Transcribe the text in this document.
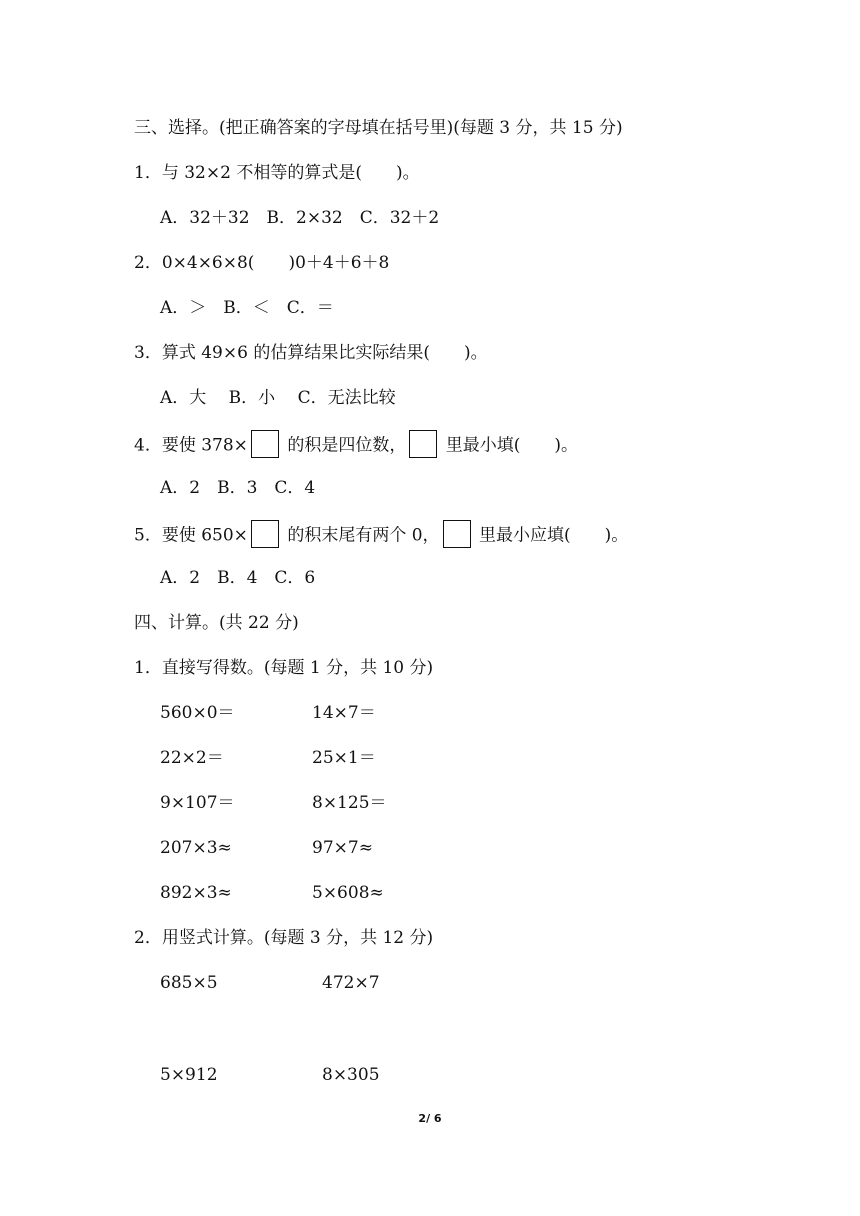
三、选择。(把正确答案的字母填在括号里)(每题 3 分，共 15 分)
1．与 32×2 不相等的算式是(　　)。
A．32＋32　B．2×32　C．32＋2
2．0×4×6×8(　　)0＋4＋6＋8
A．＞　B．＜　C．＝
3．算式 49×6 的估算结果比实际结果(　　)。
A．大　 B．小　 C．无法比较
4．要使 378× 的积是四位数， 里最小填(　　)。
A．2　B．3　C．4
5．要使 650× 的积末尾有两个 0， 里最小应填(　　)。
A．2　B．4　C．6
四、计算。(共 22 分)
1．直接写得数。(每题 1 分，共 10 分)
560×0＝	14×7＝
22×2＝	25×1＝
9×107＝	8×125＝
207×3≈	97×7≈
892×3≈	5×608≈
2．用竖式计算。(每题 3 分，共 12 分)
685×5	472×7
5×912	8×305
2/ 6
